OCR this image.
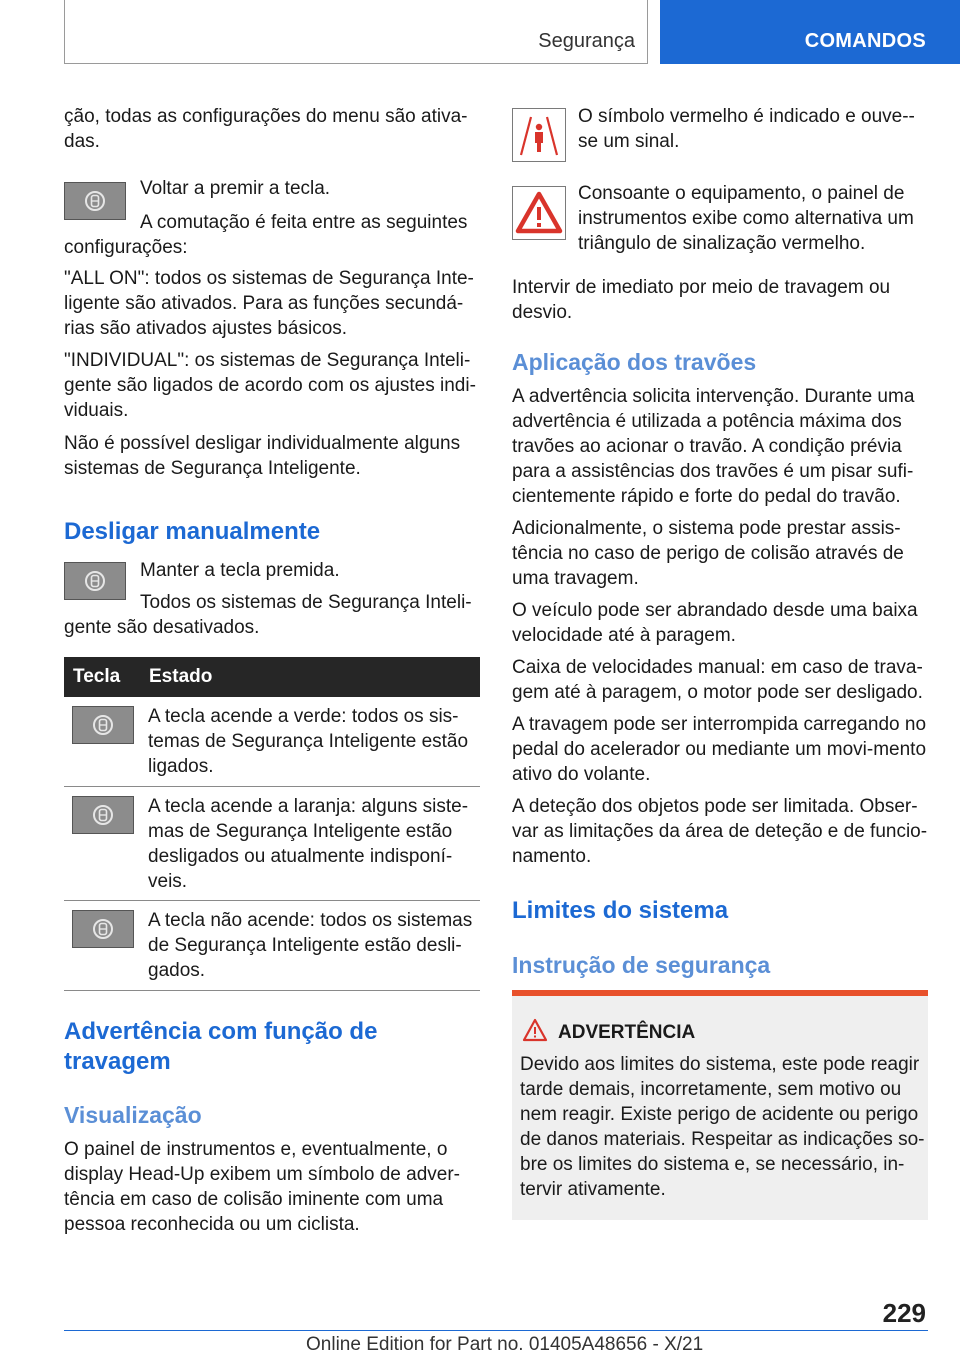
Segurança	COMANDOS
ção, todas as configurações do menu são ativa-das.
Voltar a premir a tecla.
A comutação é feita entre as seguintes configurações:
"ALL ON": todos os sistemas de Segurança Inte-ligente são ativados. Para as funções secundá-rias são ativados ajustes básicos.
"INDIVIDUAL": os sistemas de Segurança Inteli-gente são ligados de acordo com os ajustes indi-viduais.
Não é possível desligar individualmente alguns sistemas de Segurança Inteligente.
Desligar manualmente
Manter a tecla premida.
Todos os sistemas de Segurança Inteli-gente são desativados.
Tecla Estado
A tecla acende a verde: todos os sis-temas de Segurança Inteligente estão ligados.
A tecla acende a laranja: alguns siste-mas de Segurança Inteligente estão desligados ou atualmente indisponí-veis.
A tecla não acende: todos os sistemas de Segurança Inteligente estão desli-gados.
Advertência com função de travagem
Visualização
O painel de instrumentos e, eventualmente, o display Head-Up exibem um símbolo de adver-tência em caso de colisão iminente com uma pessoa reconhecida ou um ciclista.
O símbolo vermelho é indicado e ouve--se um sinal.
Consoante o equipamento, o painel de instrumentos exibe como alternativa um triângulo de sinalização vermelho.
Intervir de imediato por meio de travagem ou desvio.
Aplicação dos travões

A advertência solicita intervenção. Durante uma advertência é utilizada a potência máxima dos travões ao acionar o travão. A condição prévia para a assistências dos travões é um pisar sufi-cientemente rápido e forte do pedal do travão.

Adicionalmente, o sistema pode prestar assis-tência no caso de perigo de colisão através de uma travagem.

O veículo pode ser abrandado desde uma baixa velocidade até à paragem.

Caixa de velocidades manual: em caso de trava-gem até à paragem, o motor pode ser desligado.

A travagem pode ser interrompida carregando no pedal do acelerador ou mediante um movi-mento ativo do volante.

A deteção dos objetos pode ser limitada. Obser-var as limitações da área de deteção e de funcio-namento.

Limites do sistema
Instrução de segurança
ADVERTÊNCIA
Devido aos limites do sistema, este pode reagir tarde demais, incorretamente, sem motivo ou nem reagir. Existe perigo de acidente ou perigo de danos materiais. Respeitar as indicações so-bre os limites do sistema e, se necessário, in-tervir ativamente.
229
Online Edition for Part no. 01405A48656 - X/21
